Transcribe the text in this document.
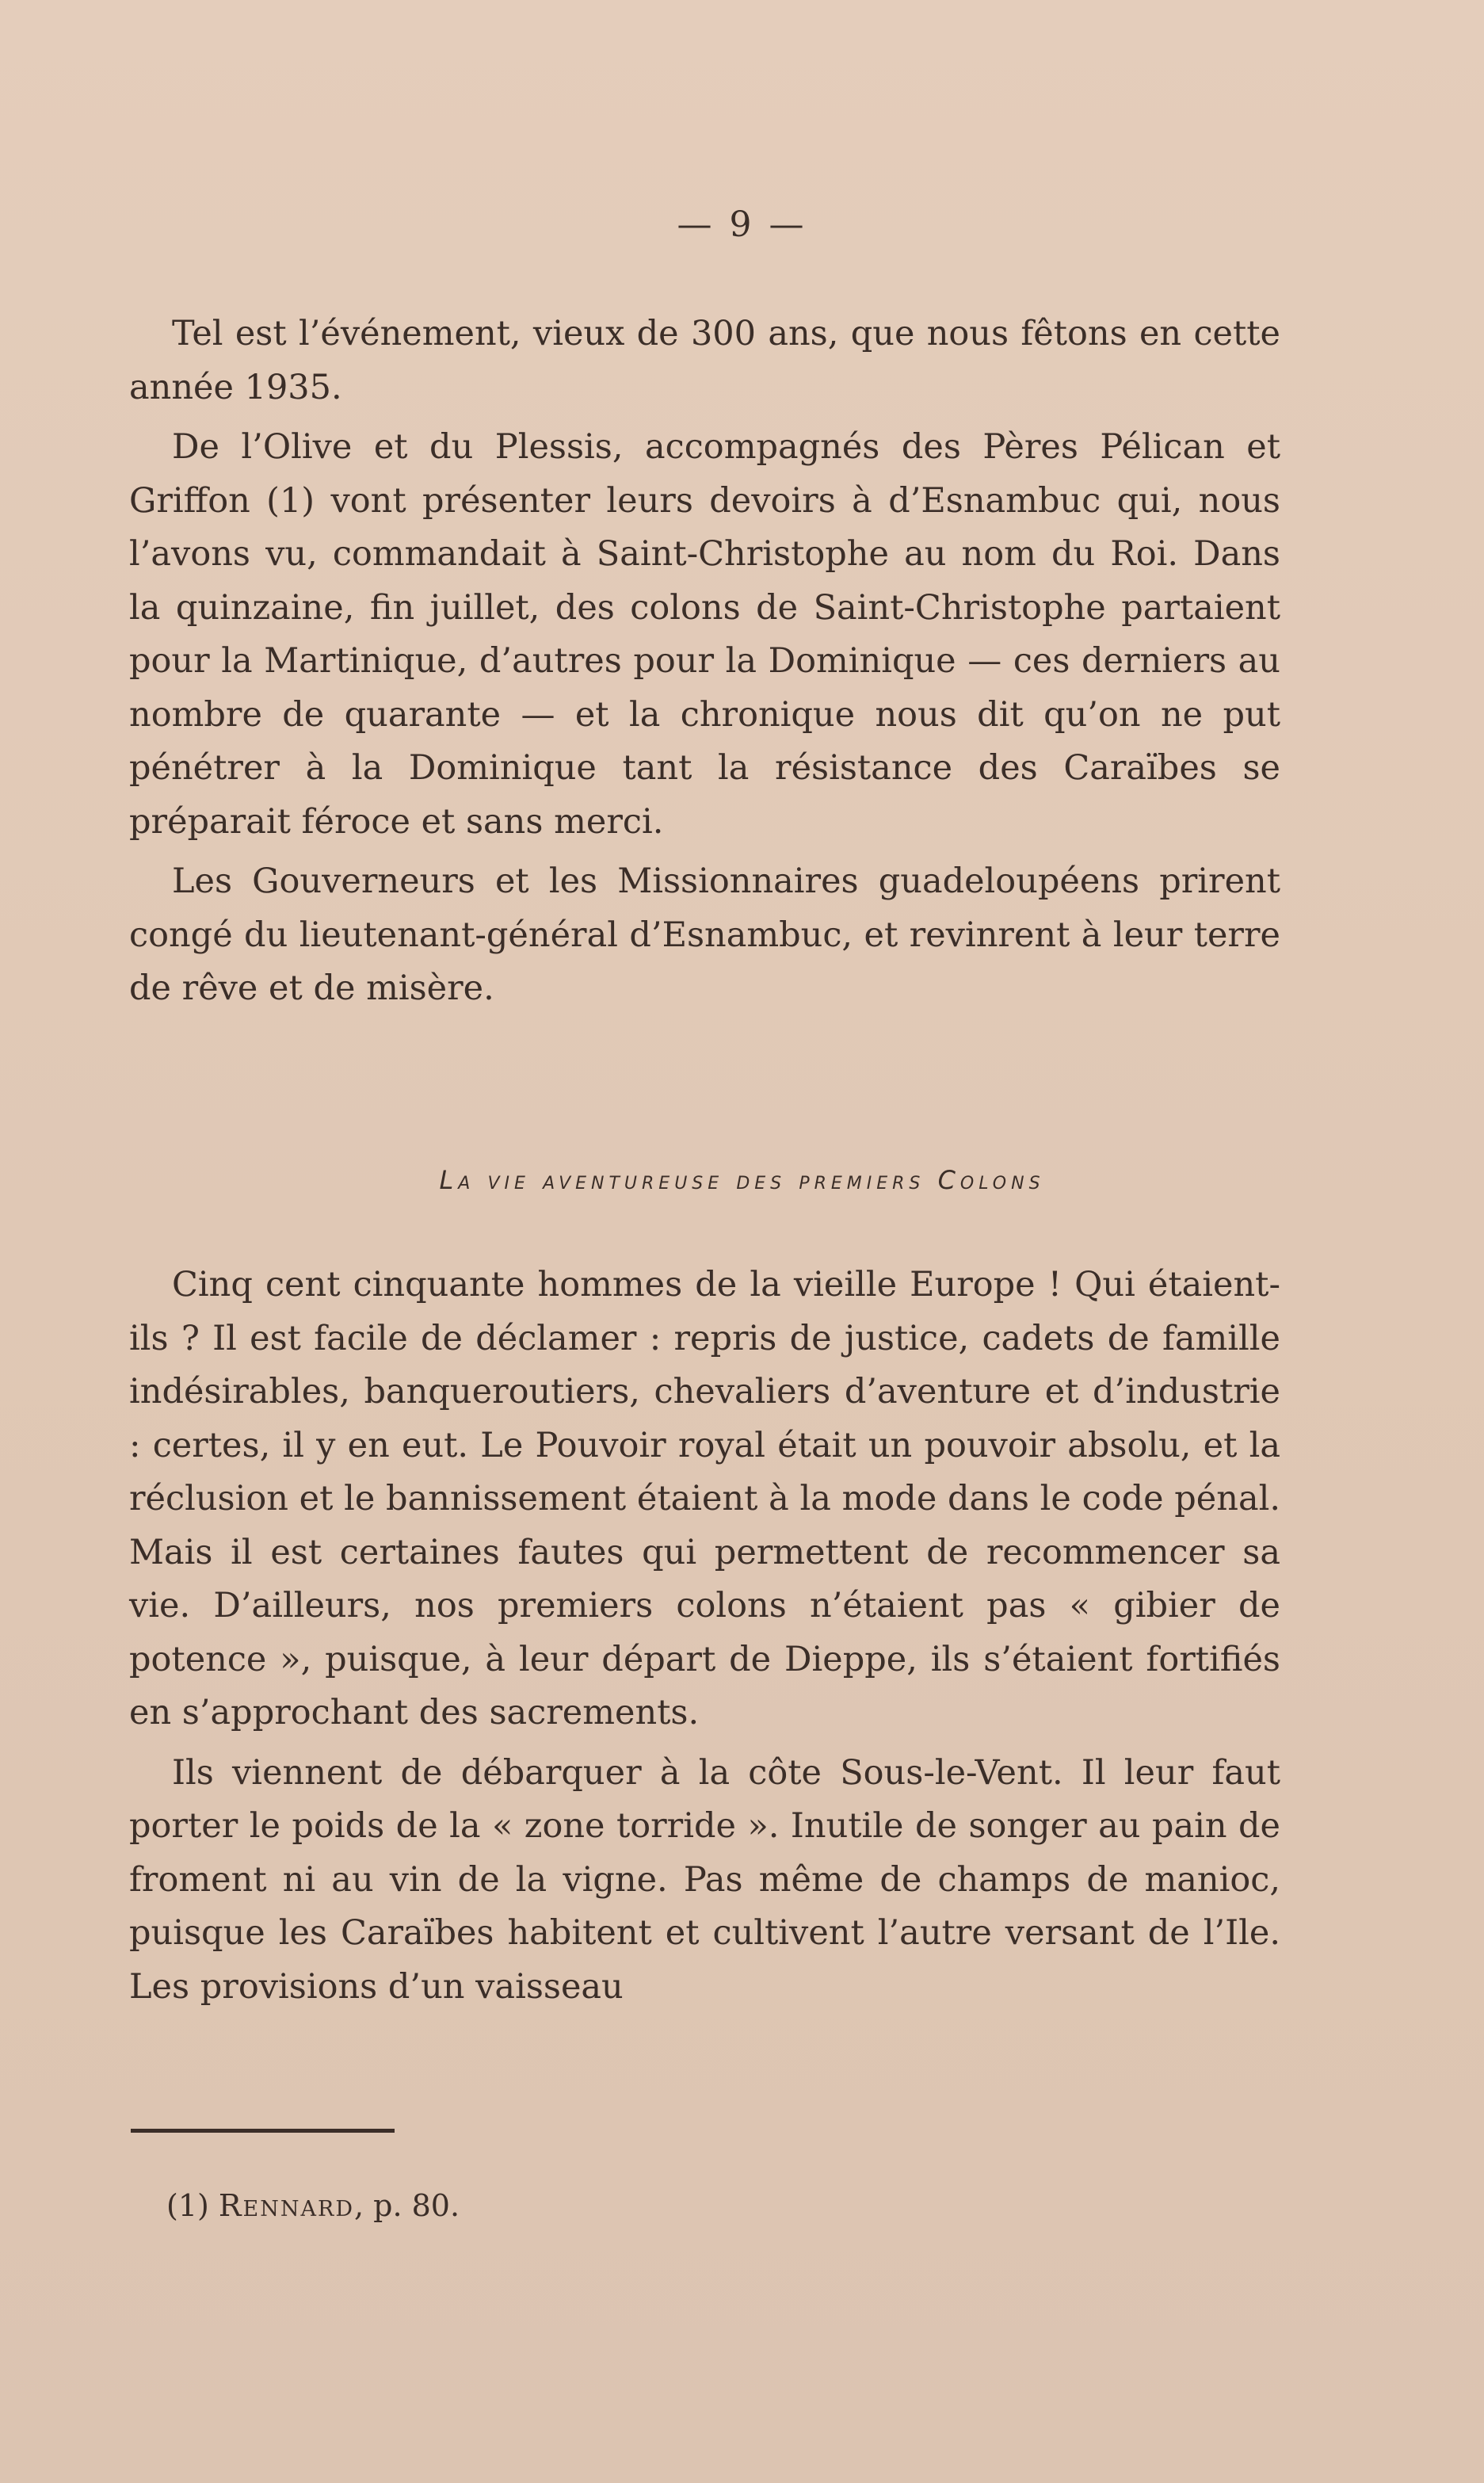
— 9 —

Tel est l’événement, vieux de 300 ans, que nous fêtons en cette année 1935.

De l’Olive et du Plessis, accompagnés des Pères Pélican et Griffon (1) vont présenter leurs devoirs à d’Esnambuc qui, nous l’avons vu, commandait à Saint-Christophe au nom du Roi. Dans la quinzaine, fin juillet, des colons de Saint-Christophe partaient pour la Martinique, d’autres pour la Dominique — ces derniers au nombre de quarante — et la chronique nous dit qu’on ne put pénétrer à la Dominique tant la résistance des Caraïbes se préparait féroce et sans merci.

Les Gouverneurs et les Missionnaires guadeloupéens prirent congé du lieutenant-général d’Esnambuc, et revinrent à leur terre de rêve et de misère.

La vie aventureuse des premiers Colons

Cinq cent cinquante hommes de la vieille Europe ! Qui étaient-ils ? Il est facile de déclamer : repris de justice, cadets de famille indésirables, banqueroutiers, chevaliers d’aventure et d’industrie : certes, il y en eut. Le Pouvoir royal était un pouvoir absolu, et la réclusion et le bannissement étaient à la mode dans le code pénal. Mais il est certaines fautes qui permettent de recommencer sa vie. D’ailleurs, nos premiers colons n’étaient pas « gibier de potence », puisque, à leur départ de Dieppe, ils s’étaient fortifiés en s’approchant des sacrements.

Ils viennent de débarquer à la côte Sous-le-Vent. Il leur faut porter le poids de la « zone torride ». Inutile de songer au pain de froment ni au vin de la vigne. Pas même de champs de manioc, puisque les Caraïbes habitent et cultivent l’autre versant de l’Ile. Les provisions d’un vaisseau

(1) Rennard, p. 80.
